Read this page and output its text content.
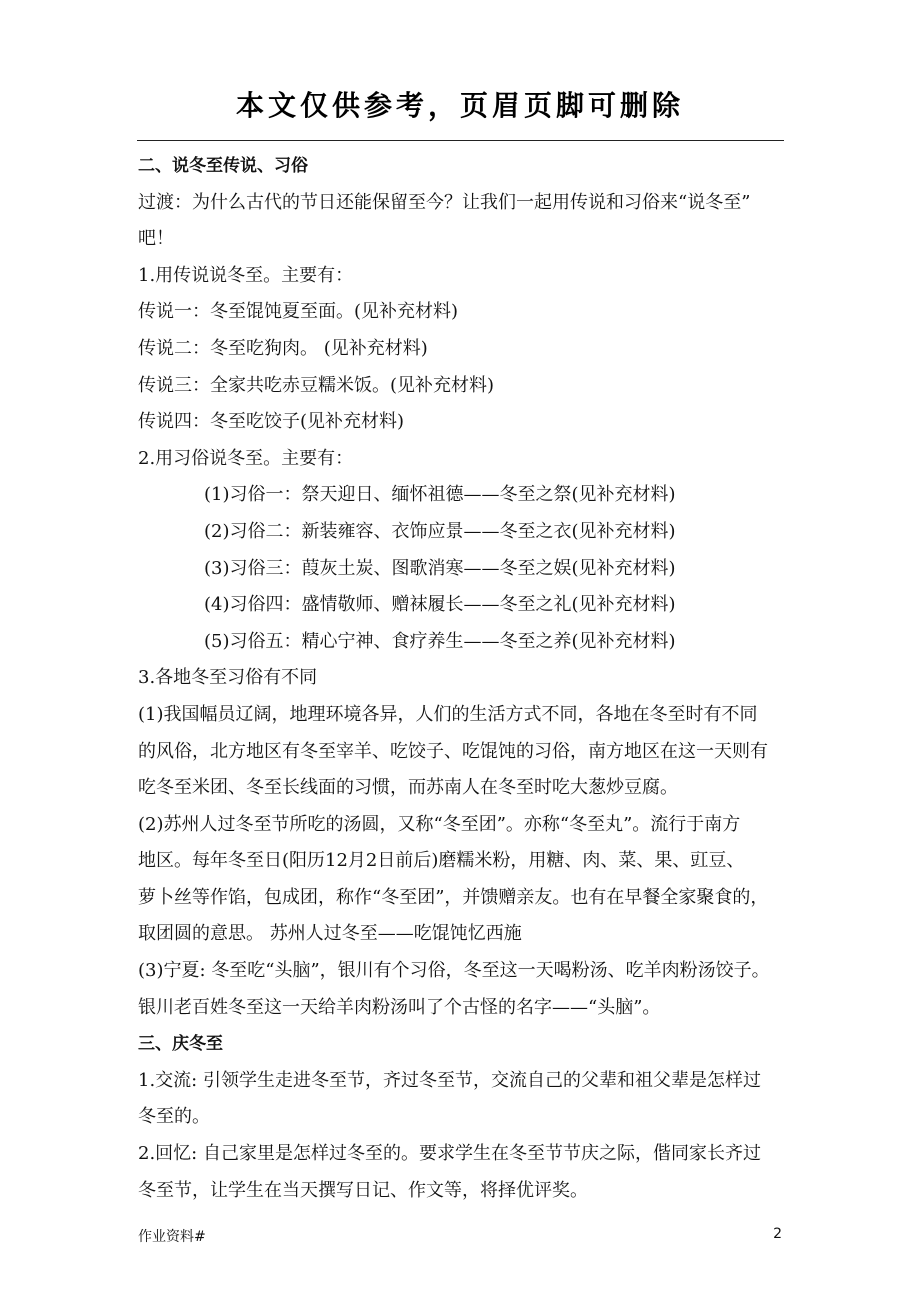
本文仅供参考，页眉页脚可删除
二、说冬至传说、习俗
过渡：为什么古代的节日还能保留至今？让我们一起用传说和习俗来“说冬至”
吧！
1.用传说说冬至。主要有：
传说一：冬至馄饨夏至面。(见补充材料)
传说二：冬至吃狗肉。 (见补充材料)
传说三：全家共吃赤豆糯米饭。(见补充材料)
传说四：冬至吃饺子(见补充材料)
2.用习俗说冬至。主要有：
(1)习俗一：祭天迎日、缅怀祖德——冬至之祭(见补充材料)
(2)习俗二：新装雍容、衣饰应景——冬至之衣(见补充材料)
(3)习俗三：葭灰土炭、图歌消寒——冬至之娱(见补充材料)
(4)习俗四：盛情敬师、赠袜履长——冬至之礼(见补充材料)
(5)习俗五：精心宁神、食疗养生——冬至之养(见补充材料)
3.各地冬至习俗有不同
(1)我国幅员辽阔，地理环境各异，人们的生活方式不同，各地在冬至时有不同
的风俗，北方地区有冬至宰羊、吃饺子、吃馄饨的习俗，南方地区在这一天则有
吃冬至米团、冬至长线面的习惯，而苏南人在冬至时吃大葱炒豆腐。
(2)苏州人过冬至节所吃的汤圆，又称“冬至团”。亦称“冬至丸”。流行于南方
地区。每年冬至日(阳历12月2日前后)磨糯米粉，用糖、肉、菜、果、豇豆、
萝卜丝等作馅，包成团，称作“冬至团”，并馈赠亲友。也有在早餐全家聚食的，
取团圆的意思。 苏州人过冬至——吃馄饨忆西施
(3)宁夏: 冬至吃“头脑”，银川有个习俗，冬至这一天喝粉汤、吃羊肉粉汤饺子。
银川老百姓冬至这一天给羊肉粉汤叫了个古怪的名字——“头脑”。
三、庆冬至
1.交流: 引领学生走进冬至节，齐过冬至节，交流自己的父辈和祖父辈是怎样过
冬至的。
2.回忆: 自己家里是怎样过冬至的。要求学生在冬至节节庆之际，偕同家长齐过
冬至节，让学生在当天撰写日记、作文等，将择优评奖。
作业资料#	2
